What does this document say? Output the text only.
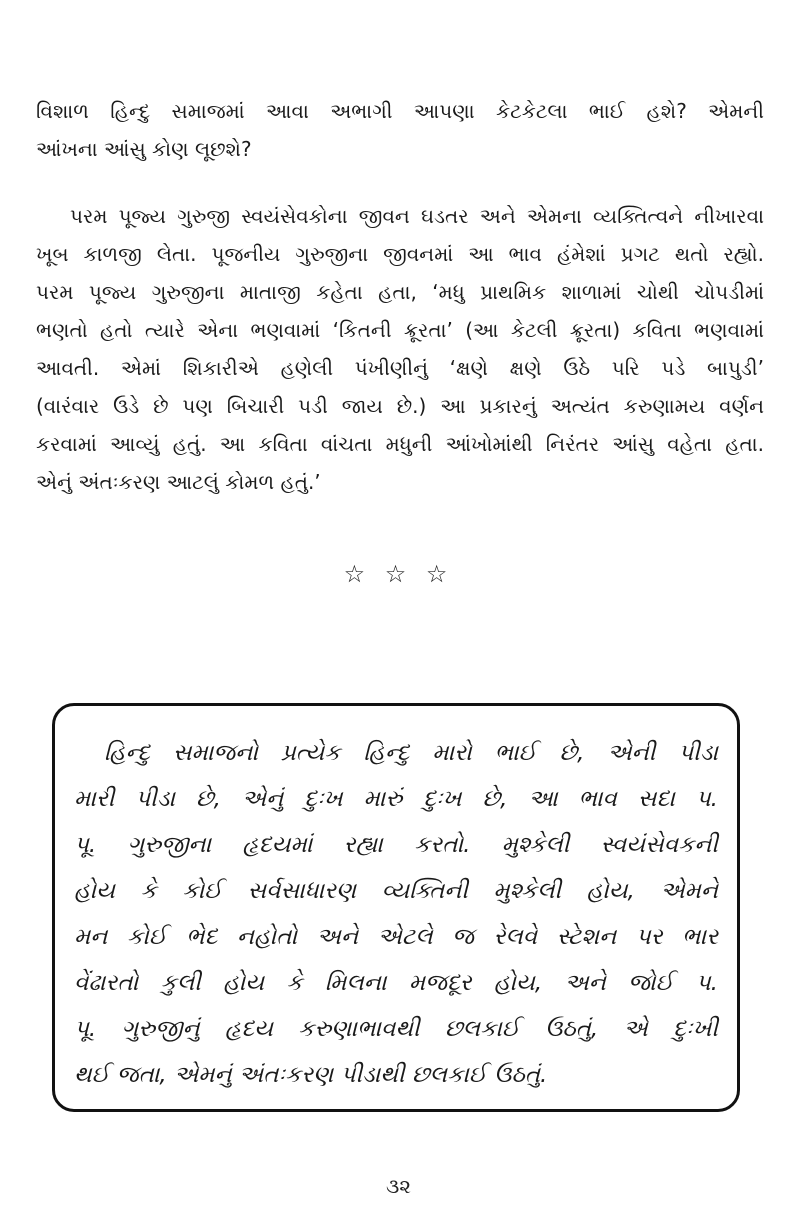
વિશાળ હિન્દુ સમાજમાં આવા અભાગી આપણા કેટકેટલા ભાઈ હશે? એમની
આંખના આંસુ કોણ લૂછશે?
પરમ પૂજ્ય ગુરુજી સ્વયંસેવકોના જીવન ઘડતર અને એમના વ્યક્તિત્વને નીખારવા
ખૂબ કાળજી લેતા. પૂજનીય ગુરુજીના જીવનમાં આ ભાવ હંમેશાં પ્રગટ થતો રહ્યો.
પરમ પૂજ્ય ગુરુજીના માતાજી કહેતા હતા, ‘મધુ પ્રાથમિક શાળામાં ચોથી ચોપડીમાં
ભણતો હતો ત્યારે એના ભણવામાં ‘કિતની ક્રૂરતા’ (આ કેટલી ક્રૂરતા) કવિતા ભણવામાં
આવતી. એમાં શિકારીએ હણેલી પંખીણીનું ‘ક્ષણે ક્ષણે ઉઠે પરિ પડે બાપુડી’
(વારંવાર ઉડે છે પણ બિચારી પડી જાય છે.) આ પ્રકારનું અત્યંત કરુણામય વર્ણન
કરવામાં આવ્યું હતું. આ કવિતા વાંચતા મધુની આંખોમાંથી નિરંતર આંસુ વહેતા હતા.
એનું અંતઃકરણ આટલું કોમળ હતું.’
☆ ☆ ☆
હિન્દુ સમાજનો પ્રત્યેક હિન્દુ મારો ભાઈ છે, એની પીડા
મારી પીડા છે, એનું દુઃખ મારું દુઃખ છે, આ ભાવ સદા પ.
પૂ. ગુરુજીના હૃદયમાં રહ્યા કરતો. મુશ્કેલી સ્વયંસેવકની
હોય કે કોઈ સર્વસાધારણ વ્યક્તિની મુશ્કેલી હોય, એમને
મન કોઈ ભેદ નહોતો અને એટલે જ રેલવે સ્ટેશન પર ભાર
વેંઢારતો કુલી હોય કે મિલના મજદૂર હોય, અને જોઈ પ.
પૂ. ગુરુજીનું હૃદય કરુણાભાવથી છલકાઈ ઉઠતું, એ દુઃખી
થઈ જતા, એમનું અંતઃકરણ પીડાથી છલકાઈ ઉઠતું.
૩૨
